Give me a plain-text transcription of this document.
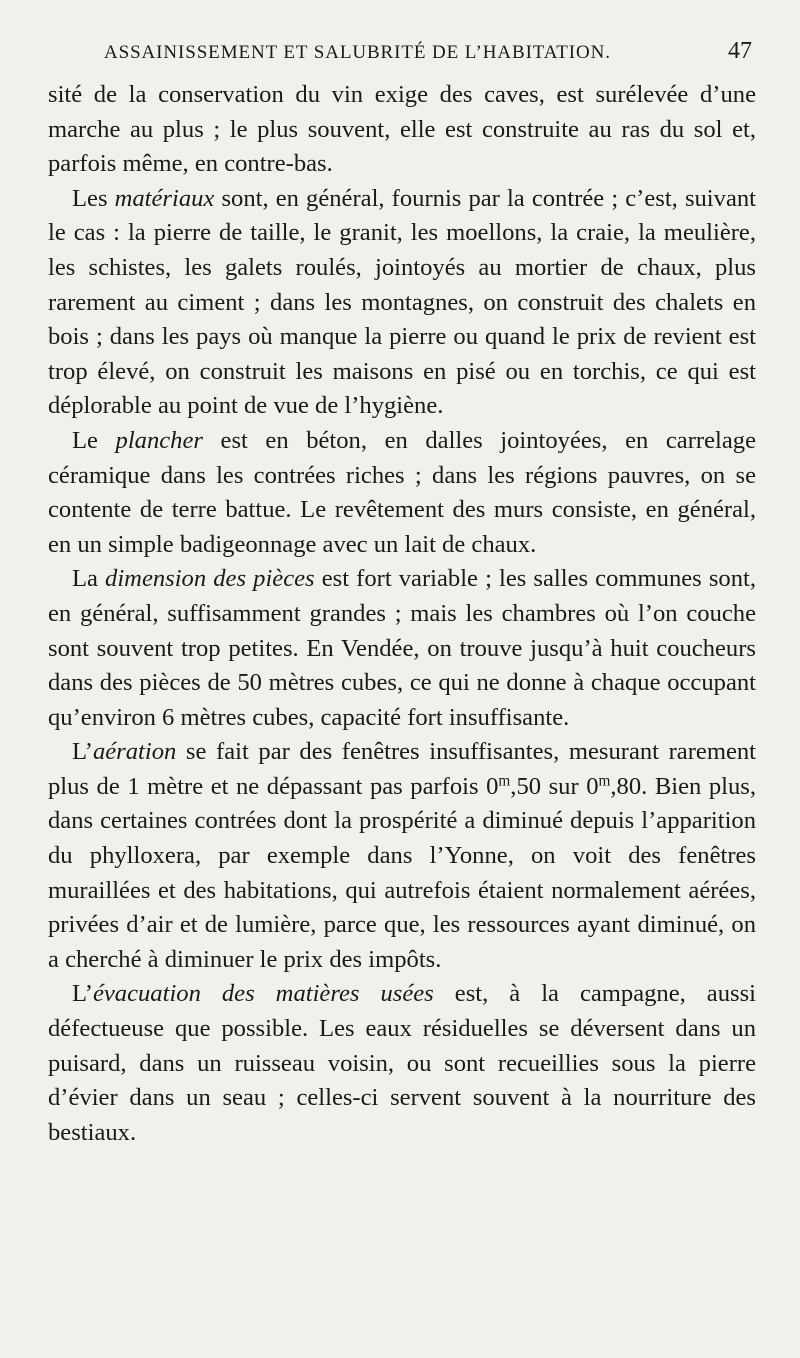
ASSAINISSEMENT ET SALUBRITÉ DE L’HABITATION.	47

sité de la conservation du vin exige des caves, est surélevée d’une marche au plus ; le plus souvent, elle est construite au ras du sol et, parfois même, en contre-bas.

Les matériaux sont, en général, fournis par la contrée ; c’est, suivant le cas : la pierre de taille, le granit, les moellons, la craie, la meulière, les schistes, les galets roulés, jointoyés au mortier de chaux, plus rarement au ciment ; dans les montagnes, on construit des chalets en bois ; dans les pays où manque la pierre ou quand le prix de revient est trop élevé, on construit les maisons en pisé ou en torchis, ce qui est déplorable au point de vue de l’hygiène.

Le plancher est en béton, en dalles jointoyées, en carrelage céramique dans les contrées riches ; dans les régions pauvres, on se contente de terre battue. Le revêtement des murs consiste, en général, en un simple badigeonnage avec un lait de chaux.

La dimension des pièces est fort variable ; les salles communes sont, en général, suffisamment grandes ; mais les chambres où l’on couche sont souvent trop petites. En Vendée, on trouve jusqu’à huit coucheurs dans des pièces de 50 mètres cubes, ce qui ne donne à chaque occupant qu’environ 6 mètres cubes, capacité fort insuffisante.

L’aération se fait par des fenêtres insuffisantes, mesurant rarement plus de 1 mètre et ne dépassant pas parfois 0$^m$,50 sur 0$^m$,80. Bien plus, dans certaines contrées dont la prospérité a diminué depuis l’apparition du phylloxera, par exemple dans l’Yonne, on voit des fenêtres muraillées et des habitations, qui autrefois étaient normalement aérées, privées d’air et de lumière, parce que, les ressources ayant diminué, on a cherché à diminuer le prix des impôts.

L’évacuation des matières usées est, à la campagne, aussi défectueuse que possible. Les eaux résiduelles se déversent dans un puisard, dans un ruisseau voisin, ou sont recueillies sous la pierre d’évier dans un seau ; celles-ci servent souvent à la nourriture des bestiaux.
